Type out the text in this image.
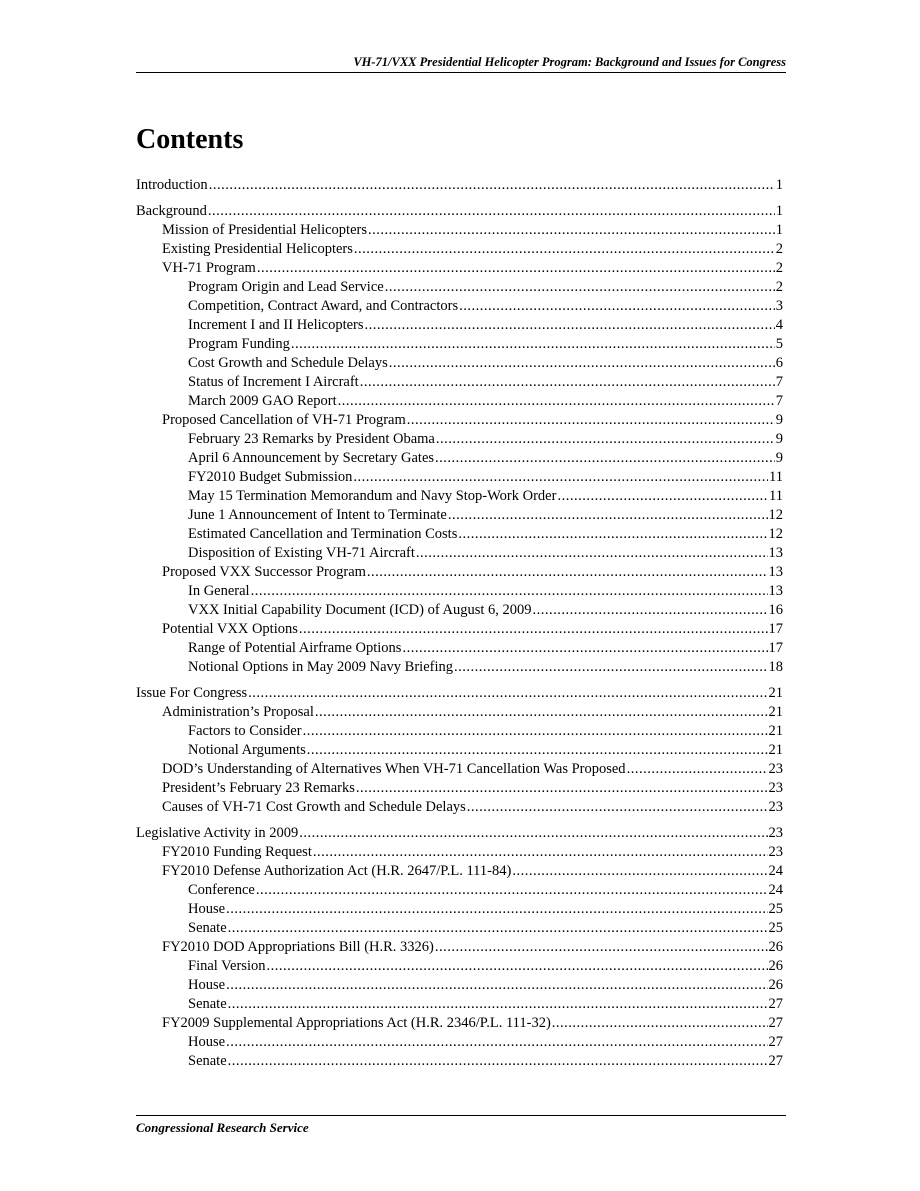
VH-71/VXX Presidential Helicopter Program: Background and Issues for Congress
Contents
Introduction .....	1
Background .....	1
Mission of Presidential Helicopters .....	1
Existing Presidential Helicopters .....	2
VH-71 Program .....	2
Program Origin and Lead Service .....	2
Competition, Contract Award, and Contractors .....	3
Increment I and II Helicopters .....	4
Program Funding .....	5
Cost Growth and Schedule Delays .....	6
Status of Increment I Aircraft .....	7
March 2009 GAO Report .....	7
Proposed Cancellation of VH-71 Program .....	9
February 23 Remarks by President Obama .....	9
April 6 Announcement by Secretary Gates .....	9
FY2010 Budget Submission .....	11
May 15 Termination Memorandum and Navy Stop-Work Order .....	11
June 1 Announcement of Intent to Terminate .....	12
Estimated Cancellation and Termination Costs .....	12
Disposition of Existing VH-71 Aircraft .....	13
Proposed VXX Successor Program .....	13
In General .....	13
VXX Initial Capability Document (ICD) of August 6, 2009 .....	16
Potential VXX Options .....	17
Range of Potential Airframe Options .....	17
Notional Options in May 2009 Navy Briefing .....	18
Issue For Congress .....	21
Administration’s Proposal .....	21
Factors to Consider .....	21
Notional Arguments .....	21
DOD’s Understanding of Alternatives When VH-71 Cancellation Was Proposed .....	23
President’s February 23 Remarks .....	23
Causes of VH-71 Cost Growth and Schedule Delays .....	23
Legislative Activity in 2009 .....	23
FY2010 Funding Request .....	23
FY2010 Defense Authorization Act (H.R. 2647/P.L. 111-84) .....	24
Conference .....	24
House .....	25
Senate .....	25
FY2010 DOD Appropriations Bill (H.R. 3326) .....	26
Final Version .....	26
House .....	26
Senate .....	27
FY2009 Supplemental Appropriations Act (H.R. 2346/P.L. 111-32) .....	27
House .....	27
Senate .....	27
Congressional Research Service
